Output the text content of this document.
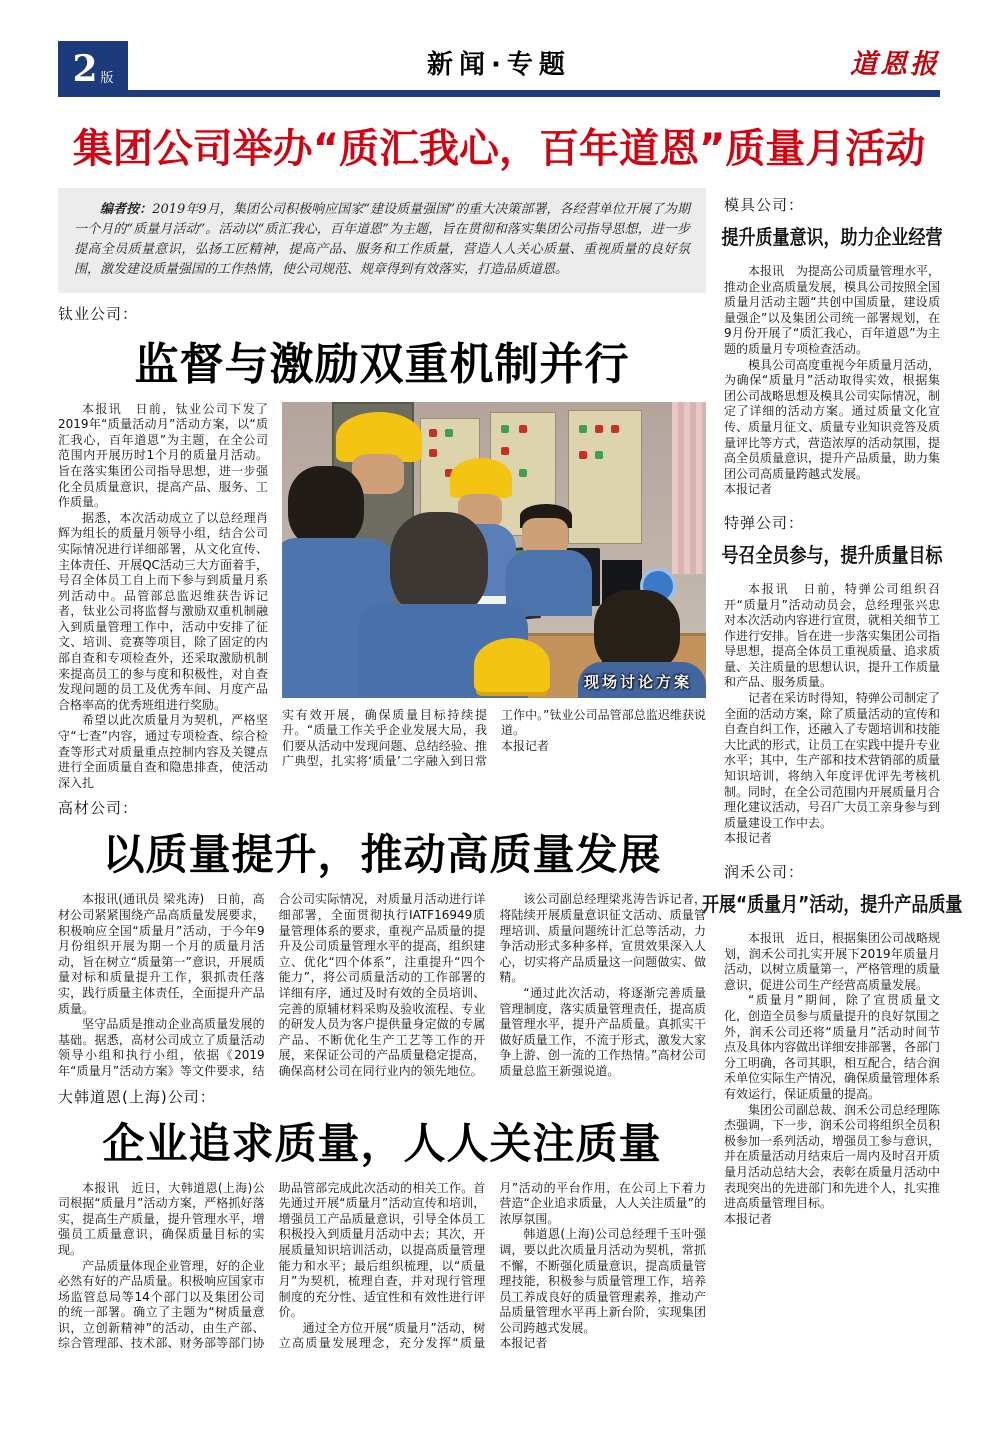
2 版	新闻·专题	道恩报
集团公司举办“质汇我心，百年道恩”质量月活动

编者按：2019年9月，集团公司积极响应国家“建设质量强国”的重大决策部署，各经营单位开展了为期一个月的“质量月活动”。活动以“质汇我心，百年道恩”为主题，旨在贯彻和落实集团公司指导思想，进一步提高全员质量意识，弘扬工匠精神，提高产品、服务和工作质量，营造人人关心质量、重视质量的良好氛围，激发建设质量强国的工作热情，使公司规范、规章得到有效落实，打造品质道恩。

钛业公司：

监督与激励双重机制并行

本报讯　日前，钛业公司下发了2019年“质量活动月”活动方案，以“质汇我心，百年道恩”为主题，在全公司范围内开展历时1个月的质量月活动。旨在落实集团公司指导思想，进一步强化全员质量意识，提高产品、服务、工作质量。

据悉，本次活动成立了以总经理肖辉为组长的质量月领导小组，结合公司实际情况进行详细部署，从文化宣传、主体责任、开展QC活动三大方面着手，号召全体员工自上而下参与到质量月系列活动中。品管部总监迟维获告诉记者，钛业公司将监督与激励双重机制融入到质量管理工作中，活动中安排了征文、培训、竞赛等项目，除了固定的内部自查和专项检查外，还采取激励机制来提高员工的参与度和积极性，对自查发现问题的员工及优秀车间、月度产品合格率高的优秀班组进行奖励。

希望以此次质量月为契机，严格坚守“七查”内容，通过专项检查、综合检查等形式对质量重点控制内容及关键点进行全面质量自查和隐患排查，使活动深入扎

现场讨论方案

实有效开展，确保质量目标持续提升。“质量工作关乎企业发展大局，我们要从活动中发现问题、总结经验、推广典型，扎实将‘质量’二字融入到日常工作中。”钛业公司品管部总监迟维获说道。

本报记者

高材公司：

以质量提升，推动高质量发展

本报讯(通讯员 梁兆涛)　日前，高材公司紧紧围绕产品高质量发展要求，积极响应全国“质量月”活动，于今年9月份组织开展为期一个月的质量月活动，旨在树立“质量第一”意识，开展质量对标和质量提升工作，狠抓责任落实，践行质量主体责任，全面提升产品质量。

坚守品质是推动企业高质量发展的基础。据悉，高材公司成立了质量活动领导小组和执行小组，依据《2019年“质量月”活动方案》等文件要求，结合公司实际情况，对质量月活动进行详细部署，全面贯彻执行IATF16949质量管理体系的要求，重视产品质量的提升及公司质量管理水平的提高，组织建立、优化“四个体系”，注重提升“四个能力”，将公司质量活动的工作部署的详细有序，通过及时有效的全员培训、完善的原辅材料采购及验收流程、专业的研发人员为客户提供量身定做的专属产品、不断优化生产工艺等工作的开展，来保证公司的产品质量稳定提高，确保高材公司在同行业内的领先地位。

该公司副总经理梁兆涛告诉记者，将陆续开展质量意识征文活动、质量管理培训、质量问题统计汇总等活动，力争活动形式多种多样，宣贯效果深入人心，切实将产品质量这一问题做实、做精。

“通过此次活动，将逐渐完善质量管理制度，落实质量管理责任，提高质量管理水平，提升产品质量。真抓实干做好质量工作，不流于形式，激发大家争上游、创一流的工作热情。”高材公司质量总监王新强说道。

大韩道恩(上海)公司：

企业追求质量，人人关注质量

本报讯　近日，大韩道恩(上海)公司根据“质量月”活动方案，严格抓好落实，提高生产质量，提升管理水平，增强员工质量意识，确保质量目标的实现。

产品质量体现企业管理，好的企业必然有好的产品质量。积极响应国家市场监管总局等14个部门以及集团公司的统一部署。确立了主题为“树质量意识，立创新精神”的活动，由生产部、综合管理部、技术部、财务部等部门协助品管部完成此次活动的相关工作。首先通过开展“质量月”活动宣传和培训，增强员工产品质量意识，引导全体员工积极投入到质量月活动中去；其次，开展质量知识培训活动，以提高质量管理能力和水平；最后组织梳理，以“质量月”为契机，梳理自查，并对现行管理制度的充分性、适宜性和有效性进行评价。

通过全方位开展“质量月”活动，树立高质量发展理念，充分发挥“质量月”活动的平台作用，在公司上下着力营造“企业追求质量，人人关注质量”的浓厚氛围。

韩道恩(上海)公司总经理千玉叶强调，要以此次质量月活动为契机，常抓不懈，不断强化质量意识，提高质量管理技能，积极参与质量管理工作，培养员工养成良好的质量管理素养，推动产品质量管理水平再上新台阶，实现集团公司跨越式发展。

本报记者

模具公司：

提升质量意识，助力企业经营

本报讯　为提高公司质量管理水平，推动企业高质量发展，模具公司按照全国质量月活动主题“共创中国质量，建设质量强企”以及集团公司统一部署规划，在9月份开展了“质汇我心，百年道恩”为主题的质量月专项检查活动。

模具公司高度重视今年质量月活动，为确保“质量月”活动取得实效，根据集团公司战略思想及模具公司实际情况，制定了详细的活动方案。通过质量文化宣传、质量月征文、质量专业知识竞答及质量评比等方式，营造浓厚的活动氛围，提高全员质量意识，提升产品质量，助力集团公司高质量跨越式发展。

本报记者

特弹公司：

号召全员参与，提升质量目标

本报讯　日前，特弹公司组织召开“质量月”活动动员会，总经理张兴忠对本次活动内容进行宣贯，就相关细节工作进行安排。旨在进一步落实集团公司指导思想，提高全体员工重视质量、追求质量、关注质量的思想认识，提升工作质量和产品、服务质量。

记者在采访时得知，特弹公司制定了全面的活动方案，除了质量活动的宣传和自查自纠工作，还融入了专题培训和技能大比武的形式，让员工在实践中提升专业水平；其中，生产部和技术营销部的质量知识培训，将纳入年度评优评先考核机制。同时，在全公司范围内开展质量月合理化建议活动，号召广大员工亲身参与到质量建设工作中去。

本报记者

润禾公司：

开展“质量月”活动，提升产品质量

本报讯　近日，根据集团公司战略规划，润禾公司扎实开展下2019年质量月活动，以树立质量第一，严格管理的质量意识，促进公司生产经营高质量发展。

“质量月”期间，除了宣贯质量文化，创造全员参与质量提升的良好氛围之外，润禾公司还将“质量月”活动时间节点及具体内容做出详细安排部署，各部门分工明确，各司其职，相互配合，结合润禾单位实际生产情况，确保质量管理体系有效运行，保证质量的提高。

集团公司副总裁、润禾公司总经理陈杰强调，下一步，润禾公司将组织全员积极参加一系列活动，增强员工参与意识，并在质量活动月结束后一周内及时召开质量月活动总结大会，表彰在质量月活动中表现突出的先进部门和先进个人，扎实推进高质量管理目标。

本报记者
